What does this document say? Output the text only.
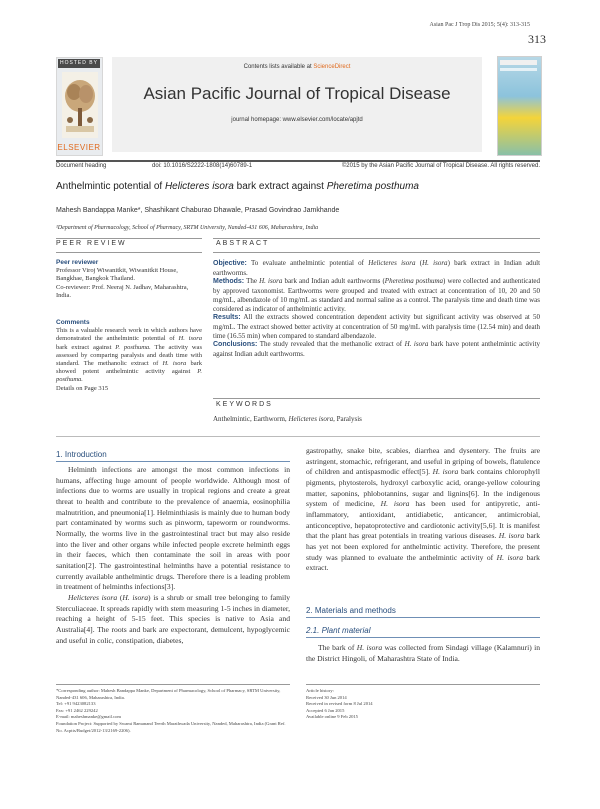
Asian Pac J Trop Dis 2015; 5(4): 313-315
313
HOSTED BY
ELSEVIER
Contents lists available at ScienceDirect
Asian Pacific Journal of Tropical Disease
journal homepage: www.elsevier.com/locate/apjtd
Document heading	doi: 10.1016/S2222-1808(14)60789-1	©2015 by the Asian Pacific Journal of Tropical Disease. All rights reserved.
Anthelmintic potential of Helicteres isora bark extract against Pheretima posthuma
Mahesh Bandappa Manke*, Shashikant Chaburao Dhawale, Prasad Govindrao Jamkhande
¹Department of Pharmacology, School of Pharmacy, SRTM University, Nanded-431 606, Maharashtra, India
PEER REVIEW
Peer reviewer
Professor Viroj Wiwanitkit, Wiwanitkit House, Bangkhae, Bangkok Thailand.
Co-reviewer: Prof. Neeraj N. Jadhav, Maharashtra, India.
Comments
This is a valuable research work in which authors have demonstrated the anthelmintic potential of H. isora bark extract against P. posthuma. The activity was assessed by comparing paralysis and death time with standard. The methanolic extract of H. isora bark showed potent anthelmintic activity against P. posthuma.
Details on Page 315
ABSTRACT

Objective: To evaluate anthelmintic potential of Helicteres isora (H. isora) bark extract in Indian adult earthworms.

Methods: The H. isora bark and Indian adult earthworms (Pheretima posthuma) were collected and authenticated by approved taxonomist. Earthworms were grouped and treated with extract at concentration of 10, 20 and 50 mg/mL, albendazole of 10 mg/mL as standard and normal saline as a control. The paralysis time and death time was considered as indicator of anthelmintic activity.

Results: All the extracts showed concentration dependent activity but significant activity was observed at 50 mg/mL. The extract showed better activity at concentration of 50 mg/mL with paralysis time (12.54 min) and death time (16.55 min) when compared to standard albendazole.

Conclusions: The study revealed that the methanolic extract of H. isora bark have potent anthelmintic activity against Indian adult earthworms.

KEYWORDS
Anthelmintic, Earthworm, Helicteres isora, Paralysis
1. Introduction

Helminth infections are amongst the most common infections in humans, affecting huge amount of people worldwide. Although most of infections due to worms are usually in tropical regions and create a great threat to health and contribute to the prevalence of anaemia, eosinophilia malnutrition, and pneumonia[1]. Helminthiasis is mainly due to human body part contaminated by worms such as pinworm, tapeworm or roundworms. Normally, the worms live in the gastrointestinal tract but may also reside into the liver and other organs while infected people excrete helminth eggs in their faeces, which then contaminate the soil in areas with poor sanitation[2]. The gastrointestinal helminths have a potential resistance to currently available anthelmintic drugs. Therefore there is a leading problem in treatment of helminths infections[3].

Helicteres isora (H. isora) is a shrub or small tree belonging to family Sterculiaceae. It spreads rapidly with stem measuring 1-5 inches in diameter, reaching a height of 5-15 feet. This species is native to Asia and Australia[4]. The roots and bark are expectorant, demulcent, hypoglycemic and useful in colic, constipation, diabetes,

gastropathy, snake bite, scabies, diarrhea and dysentery. The fruits are astringent, stomachic, refrigerant, and useful in griping of bowels, flatulence of children and antispasmodic effect[5]. H. isora bark contains chlorophyll pigments, phytosterols, hydroxyl carboxylic acid, orange-yellow colouring matter, saponins, phlobotannins, sugar and lignins[6]. In the indigenous system of medicine, H. isora has been used for antipyretic, anti-inflammatory, antioxidant, antidiabetic, anticancer, antimicrobial, anticonceptive, hepatoprotective and cardiotonic activity[5,6]. It is manifest that the plant has great potentials in treating various diseases. H. isora bark has yet not been explored for anthelmintic activity. Therefore, the present study was planned to evaluate the anthelmintic activity of H. isora bark extract.

2. Materials and methods
2.1. Plant material

The bark of H. isora was collected from Sindagi village (Kalamnuri) in the District Hingoli, of Maharashtra State of India.

*Corresponding author: Mahesh Bandappa Manke, Department of Pharmacology, School of Pharmacy, SRTM University, Nanded-431 606, Maharashtra, India.
Tel: +91 9423082133
Fax: +91 2462 229242
E-mail: maheshmanke@gmail.com
Foundation Project: Supported by Swami Ramanand Teerth Marathwada University, Nanded, Maharashtra, India (Grant Ref. No. Acptts/Budget/2012-13/2169-2206).
Article history:
Received 30 Jun 2014
Received in revised form 8 Jul 2014
Accepted 6 Jan 2015
Available online 9 Feb 2015
